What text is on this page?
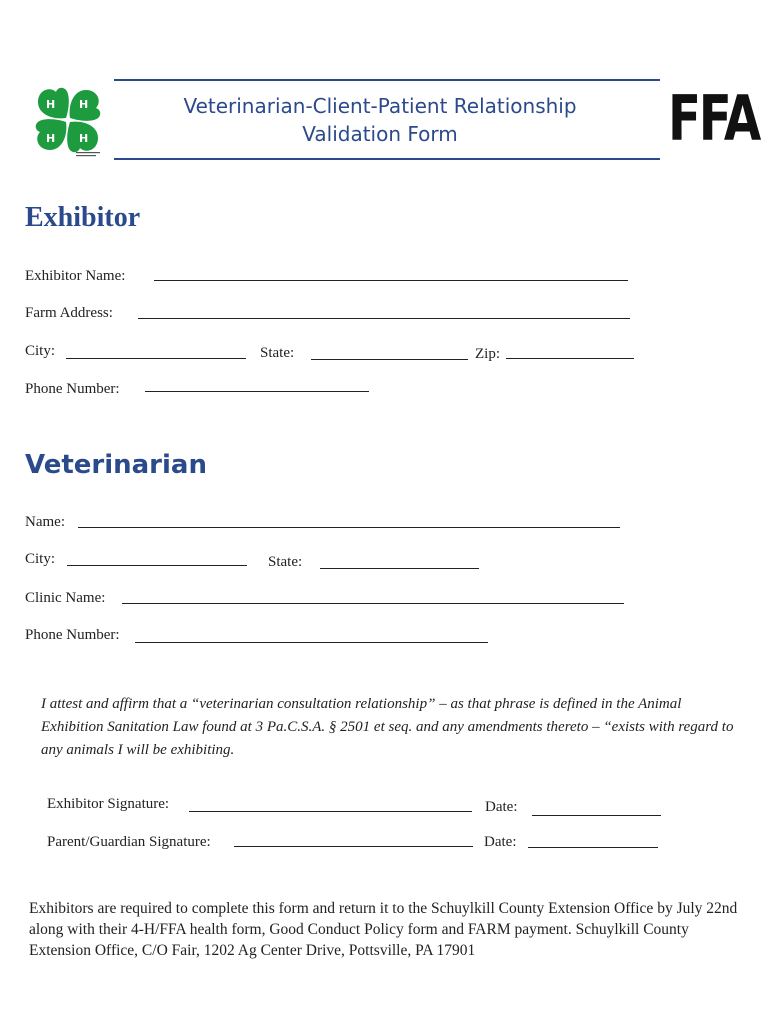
H H
H H
Veterinarian-Client-Patient Relationship
Validation Form	FFA
Exhibitor
Exhibitor Name:
Farm Address:
City:	State:	Zip:
Phone Number:
Veterinarian
Name:
City:	State:
Clinic Name:
Phone Number:
I attest and affirm that a “veterinarian consultation relationship” – as that phrase is defined in the Animal Exhibition Sanitation Law found at 3 Pa.C.S.A. § 2501 et seq. and any amendments thereto – “exists with regard to any animals I will be exhibiting.
Exhibitor Signature:	Date:
Parent/Guardian Signature:	Date:
Exhibitors are required to complete this form and return it to the Schuylkill County Extension Office by July 22nd along with their 4-H/FFA health form, Good Conduct Policy form and FARM payment. Schuylkill County Extension Office, C/O Fair, 1202 Ag Center Drive, Pottsville, PA 17901
